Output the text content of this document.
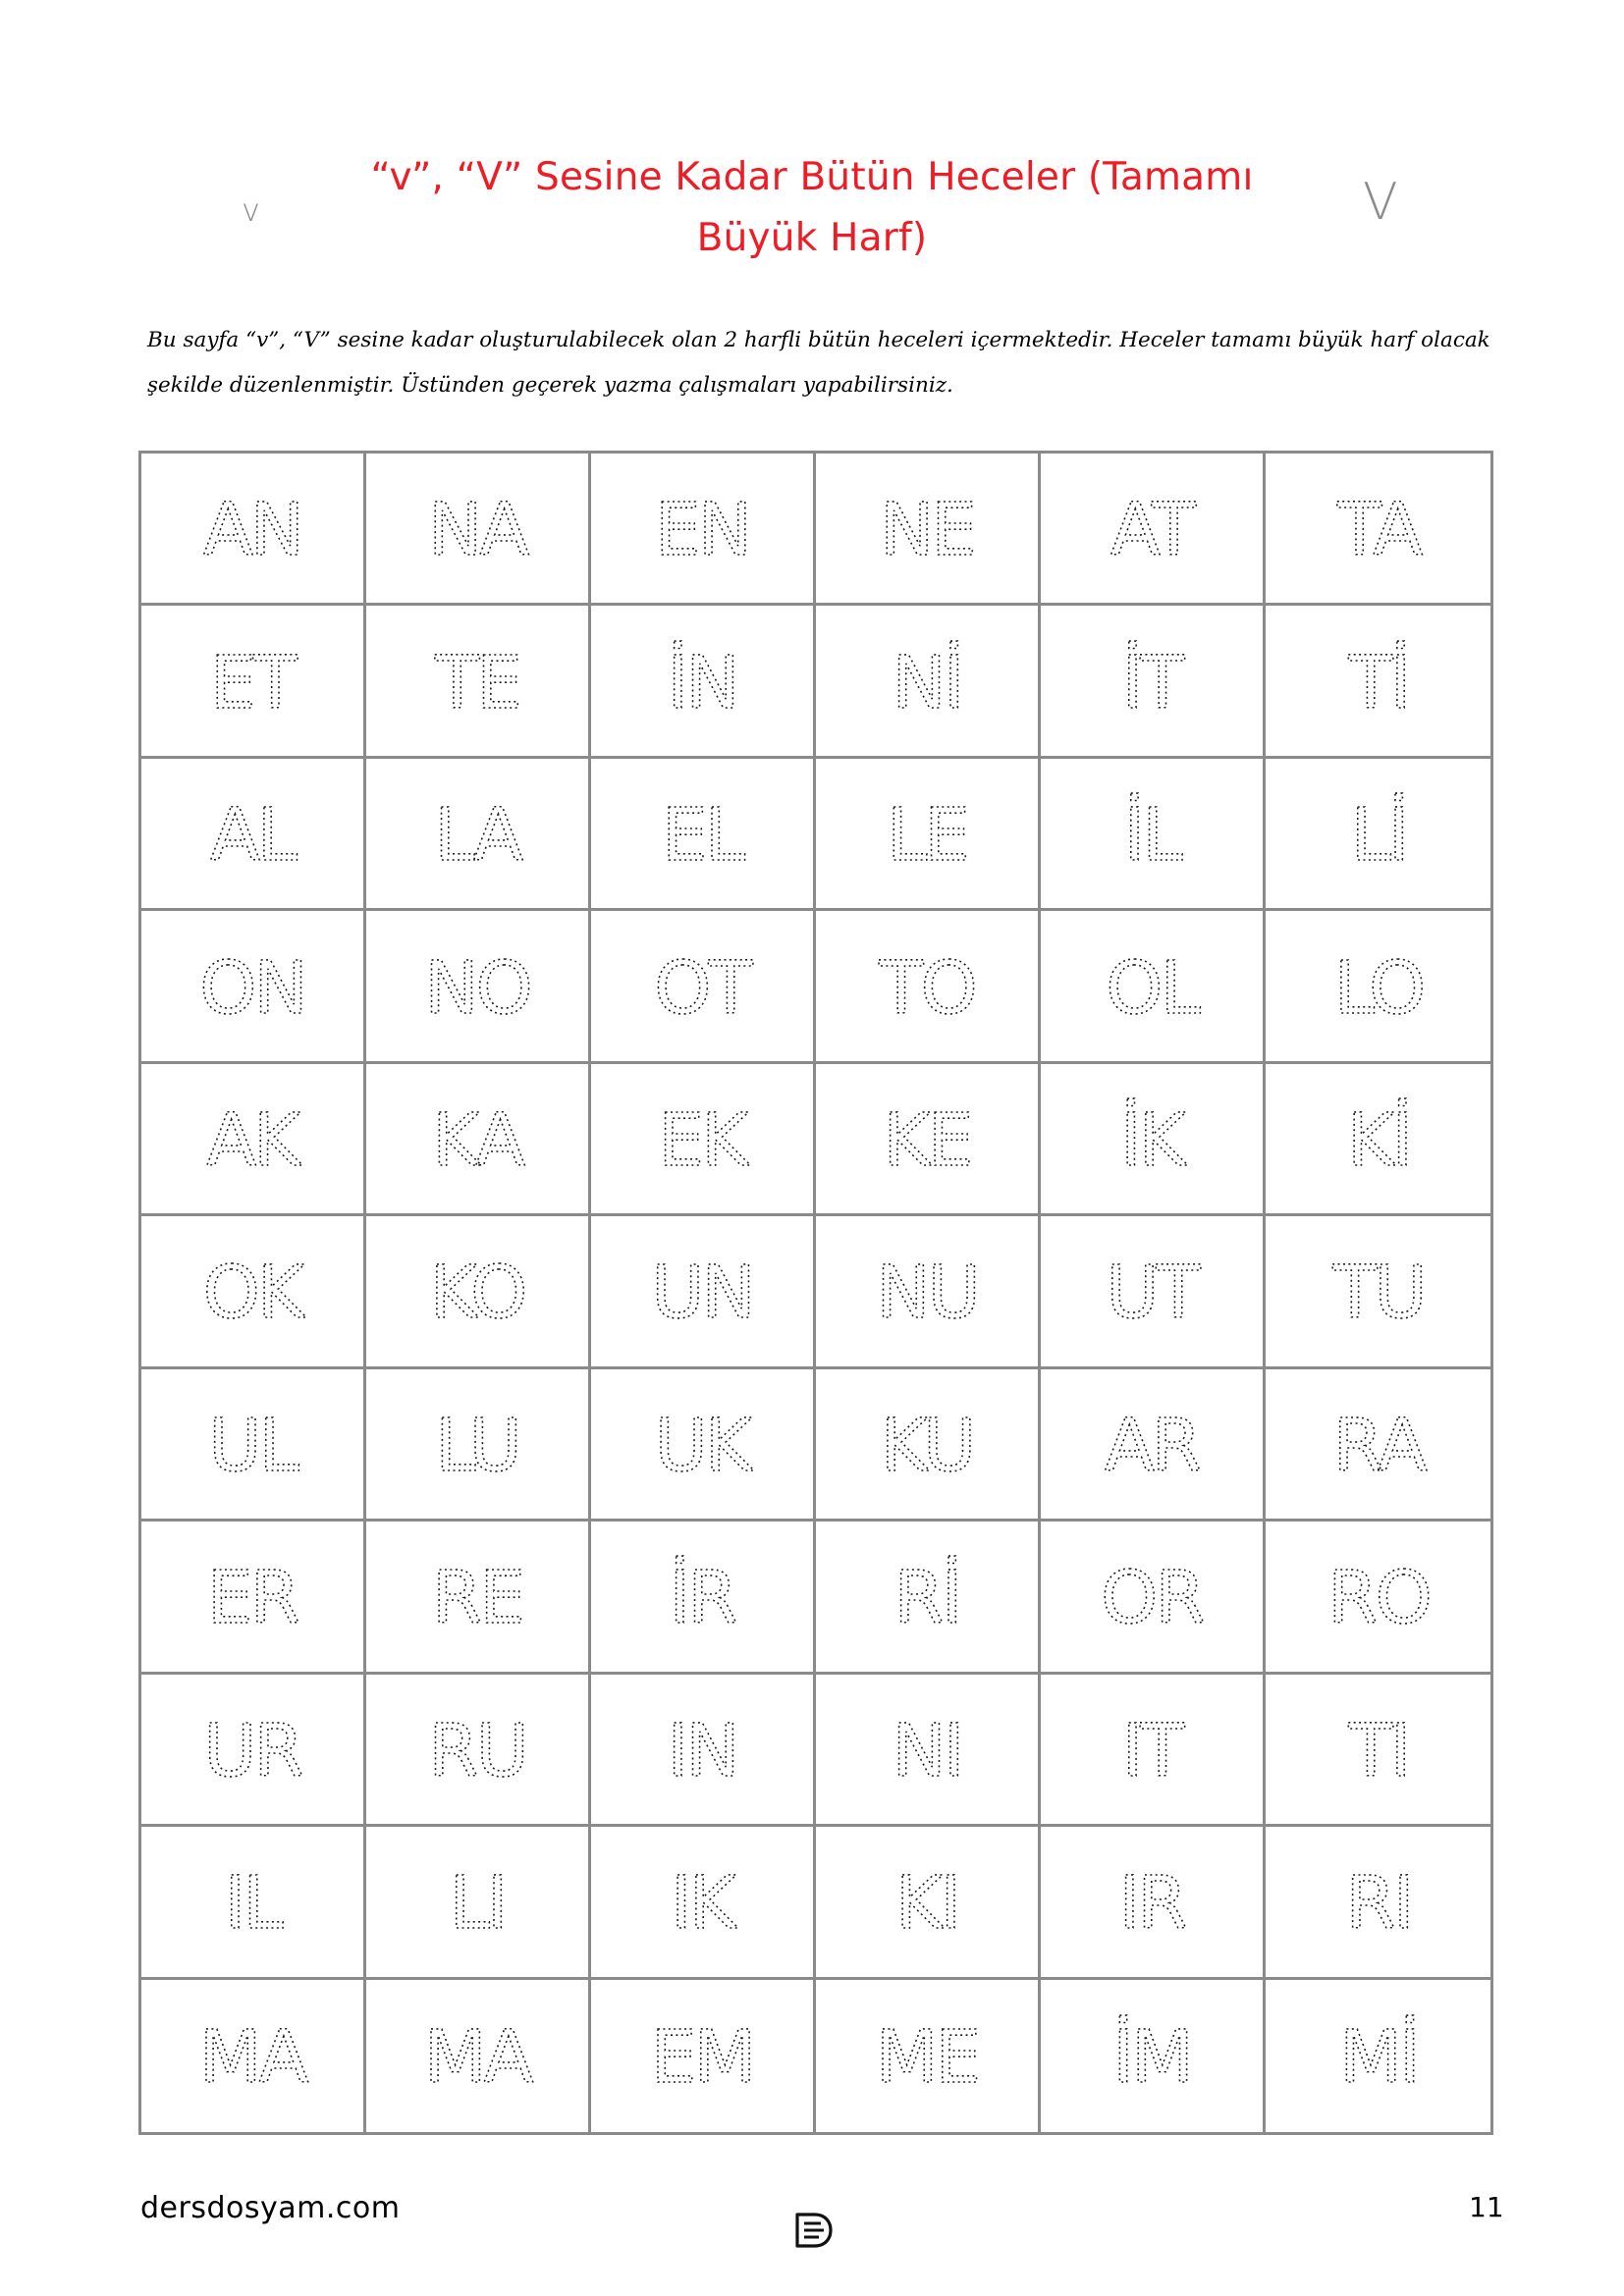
v	V
“v”, “V” Sesine Kadar Bütün Heceler (Tamamı
Büyük Harf)
Bu sayfa “v”, “V” sesine kadar oluşturulabilecek olan 2 harfli bütün heceleri içermektedir. Heceler tamamı büyük harf olacak şekilde düzenlenmiştir. Üstünden geçerek yazma çalışmaları yapabilirsiniz.
AN NA EN NE AT TA
ET TE İN Nİ İT Tİ
AL LA EL LE İL Lİ
ON NO OT TO OL LO
AK KA EK KE İK Kİ
OK KO UN NU UT TU
UL LU UK KU AR RA
ER RE İR Rİ OR RO
UR RU IN NI IT TI
IL LI IK KI IR RI
MA MA EM ME İM Mİ
dersdosyam.com	11
